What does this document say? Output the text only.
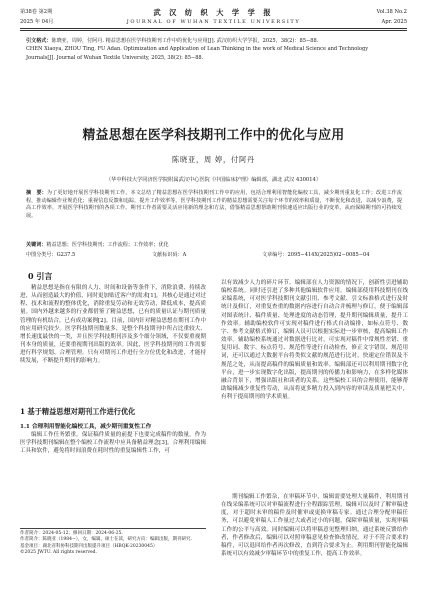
第38卷 第2期
2025 年 04月
武 汉 纺 织 大 学 学 报
JOURNAL OF WUHAN TEXTILE UNIVERSITY
Vol.38 No.2
Apr. 2025
引文格式：陈晓亚，周婷，付阿丹. 精益思想在医学科技期刊工作中的优化与应用[J]. 武汉纺织大学学报，2025，38(2)：85−88.
CHEN Xiaoya, ZHOU Ting, FU Adan. Optimization and Application of Lean Thinking in the work of Medical Science and Technology Journals[J]. Journal of Wuhan Textile University, 2025, 38(2): 85−88.
精益思想在医学科技期刊工作中的优化与应用
陈晓亚，周 婷，付阿丹
（华中科技大学同济医学院附属武汉中心医院《中国临床护理》编辑部，湖北 武汉 430014）
摘　要：为了更好地开展医学科技期刊工作，本文总结了精益思想在医学科技期刊工作中的应用，包括合理利用智能化编校工具，减少期刊重复化工作；改进工作流程，推动编辑作业规范化；重视信息反馈和追踪，提升工作效率等。医学科技期刊工作的精益思想需要关注每个环节的效率和质量，不断优化和改进，以减少浪费，提高工作效率，开展医学科技期刊的各项工作。期刊工作者需要灵活应用新的理念和方法，借鉴精益思想帮助期刊快速适应出版行业的变革，从而保障期刊的可持续发展。
关键词：精益思想；医学科技期刊；工作流程；工作效率；优化
中图分类号：G237.5	文献标识码：A	文章编号：2095−414X(2025)02−0085−04
0 引言
精益思想是指在有限的人力、时间和设备等条件下，消除浪费、持续改进，从而创造最大的价值，同时更加贴近客户的需求[1]。其核心是通过对过程、技术和流程的整体优化，消除重复劳动和无效劳动，降低成本，提高质量。国内外越来越多的行业都借鉴了精益思想，已有的质量认证与期刊质量管理的有机结合，已有成功案例[2]。目前，国内针对精益思想在期刊工作中的应用研究较少。医学科技期刊数量多，是整个科技期刊中所占比重较大、增长速度最快的一类，并且医学科技期刊涉及多个细分领域，不仅要重视期刊本身的质量，还要重视期刊出版的效率。因此，医学科技期刊的工作需要进行科学规划、合理管理。只有对期刊工作进行全方位优化和改进，才能持续发展，不断提升期刊的影响力。
1 基于精益思想对期刊工作进行优化
1.1 合理利用智能化编校工具，减少期刊重复性工作
编辑工作任务繁重，保证稿件质量的前提下也要完成稿件的数量，作为医学科技期刊编辑在整个编校工作流程中应具备精益理念[3]。合理利用编辑工具和软件，避免将时间浪费在耗时性的重复编辑性工作，可
作者简介：2024-05-12；修回日期：2024-06-25.
作者简介：陈晓亚（1984−），女，编辑，硕士在读，研究方向：编辑出版，期刊研究.
基金项目：湖北省科协科技期刊出版提升项目（HBQK-20230045）
©2025 JWTU. All rights reserved.
以有效减少人力的碎片环节。编辑部在人力资源的情况下，创新性引进辅助编校系统。同时还引进了多种其他编辑软件应用。编辑部使用科技期刊在线采编系统，可对医学科技期刊文献引用、参考文献、引文标准格式进行及时统计及修订，对重复查重的数据内容进行自动合并梳理与修订，便于编辑部对图表统计、稿件质量、处理进度的动态管理，提升期刊编辑质量，提升工作效率。辅助编校软件可实现对稿件进行格式自动编排，如标点符号、数字、参考文献格式修订，编辑人员可以根据实际进一步审核，提高编辑工作效率。辅助编校系统通过对数据进行比对，可实现对稿件中常规性差错、重复用词、数字、标点符号、规范性等进行自动检查，修正文字错误、规范用词，还可以通过大数据平台将类似文献的规范进行比对，快速定位错误及不规范之处，从而提高稿件的编辑质量和效率。编辑部还可以利用期刊数字化平台，进一步实现数字化出版，提高期刊的传播力和影响力，在多样化媒体融合背景下，增强出版社和读者的关系。这些编校工具的合理使用，能够帮助编辑减少重复性劳动，从而将更多精力投入到内容的审读及质量把关中，有利于提高期刊的学术质量。
期刊编辑工作繁杂，在审稿环节中，编辑需要处理大量稿件，利用期刊在线采编系统可以对审稿流程进行全程跟踪管理，编辑可以及时了解审稿进度，对于超时未审的稿件及时催审或更换审稿专家。通过合理分配审稿任务，可以避免审稿人工作量过大或者过小的问题，保障审稿质量，实现审稿工作的公平与高效。同时编辑可以将审稿意见整理归纳，通过系统反馈给作者，作者修改后，编辑可以对照审稿意见检查修改情况，对于不符合要求的稿件，可以退回给作者再次修改，直到符合要求为止。利用期刊智能化编辑系统可以有效减少审稿环节中的重复工作，提高工作效率。
